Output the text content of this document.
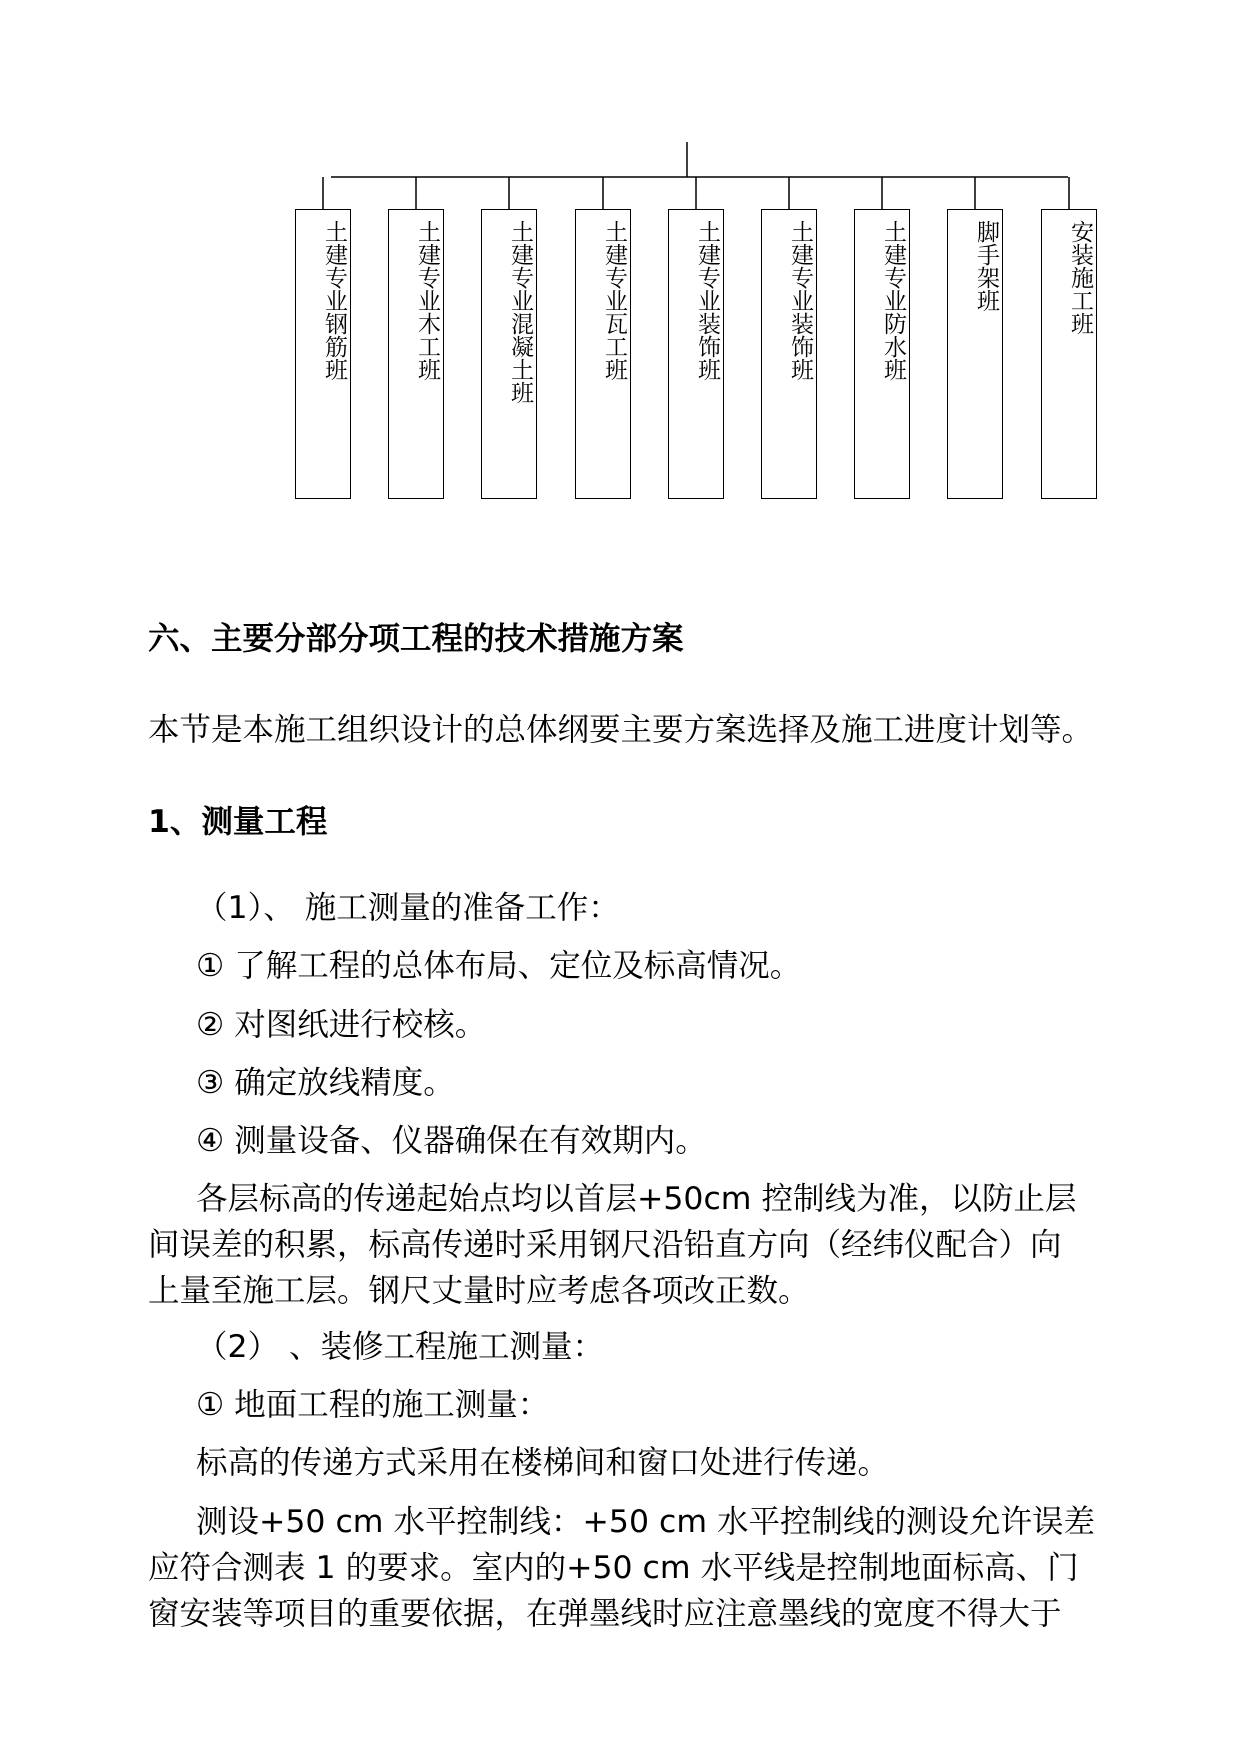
土建专业钢筋班	土建专业木工班	土建专业混凝土班	土建专业瓦工班	土建专业装饰班	土建专业装饰班	土建专业防水班	脚手架班	安装施工班
六、主要分部分项工程的技术措施方案
本节是本施工组织设计的总体纲要主要方案选择及施工进度计划等。
1、测量工程
（1）、 施工测量的准备工作：
① 了解工程的总体布局、定位及标高情况。
② 对图纸进行校核。
③ 确定放线精度。
④ 测量设备、仪器确保在有效期内。
各层标高的传递起始点均以首层+50cm 控制线为准，以防止层
间误差的积累，标高传递时采用钢尺沿铅直方向（经纬仪配合）向
上量至施工层。钢尺丈量时应考虑各项改正数。
（2） 、装修工程施工测量：
① 地面工程的施工测量：
标高的传递方式采用在楼梯间和窗口处进行传递。
测设+50 cm 水平控制线：+50 cm 水平控制线的测设允许误差
应符合测表 1 的要求。室内的+50 cm 水平线是控制地面标高、门
窗安装等项目的重要依据，在弹墨线时应注意墨线的宽度不得大于
